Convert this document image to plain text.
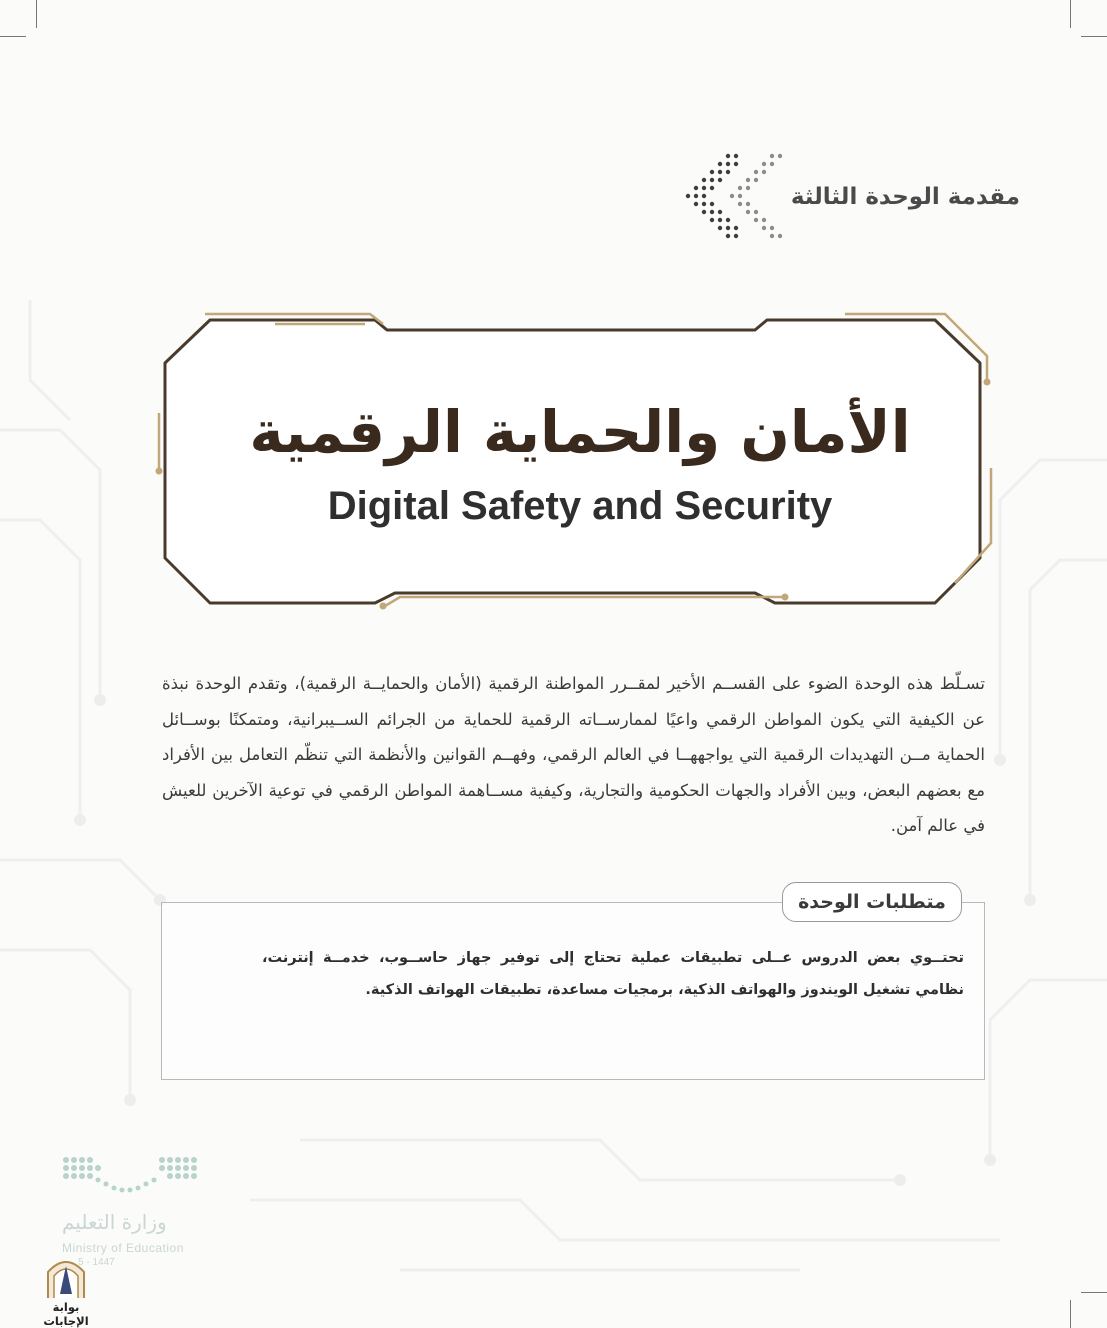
مقدمة الوحدة الثالثة
الأمان والحماية الرقمية
Digital Safety and Security
تسـلّط هذه الوحدة الضوء على القســم الأخير لمقــرر المواطنة الرقمية (الأمان والحمايــة الرقمية)، وتقدم الوحدة نبذة عن الكيفية التي يكون المواطن الرقمي واعيًا لممارســاته الرقمية للحماية من الجرائم الســيبرانية، ومتمكنًا بوســائل الحماية مــن التهديدات الرقمية التي يواجههــا في العالم الرقمي، وفهــم القوانين والأنظمة التي تنظّم التعامل بين الأفراد مع بعضهم البعض، وبين الأفراد والجهات الحكومية والتجارية، وكيفية مســاهمة المواطن الرقمي في توعية الآخرين للعيش في عالم آمن.
متطلبات الوحدة
تحتــوي بعض الدروس عــلى تطبيقات عملية تحتاج إلى توفير جهاز حاســوب، خدمــة إنترنت، نظامي تشغيل الويندوز والهواتف الذكية، برمجيات مساعدة، تطبيقات الهواتف الذكية.
وزارة التعليم
Ministry of Education
5 - 1447
بوابة الإجابات
